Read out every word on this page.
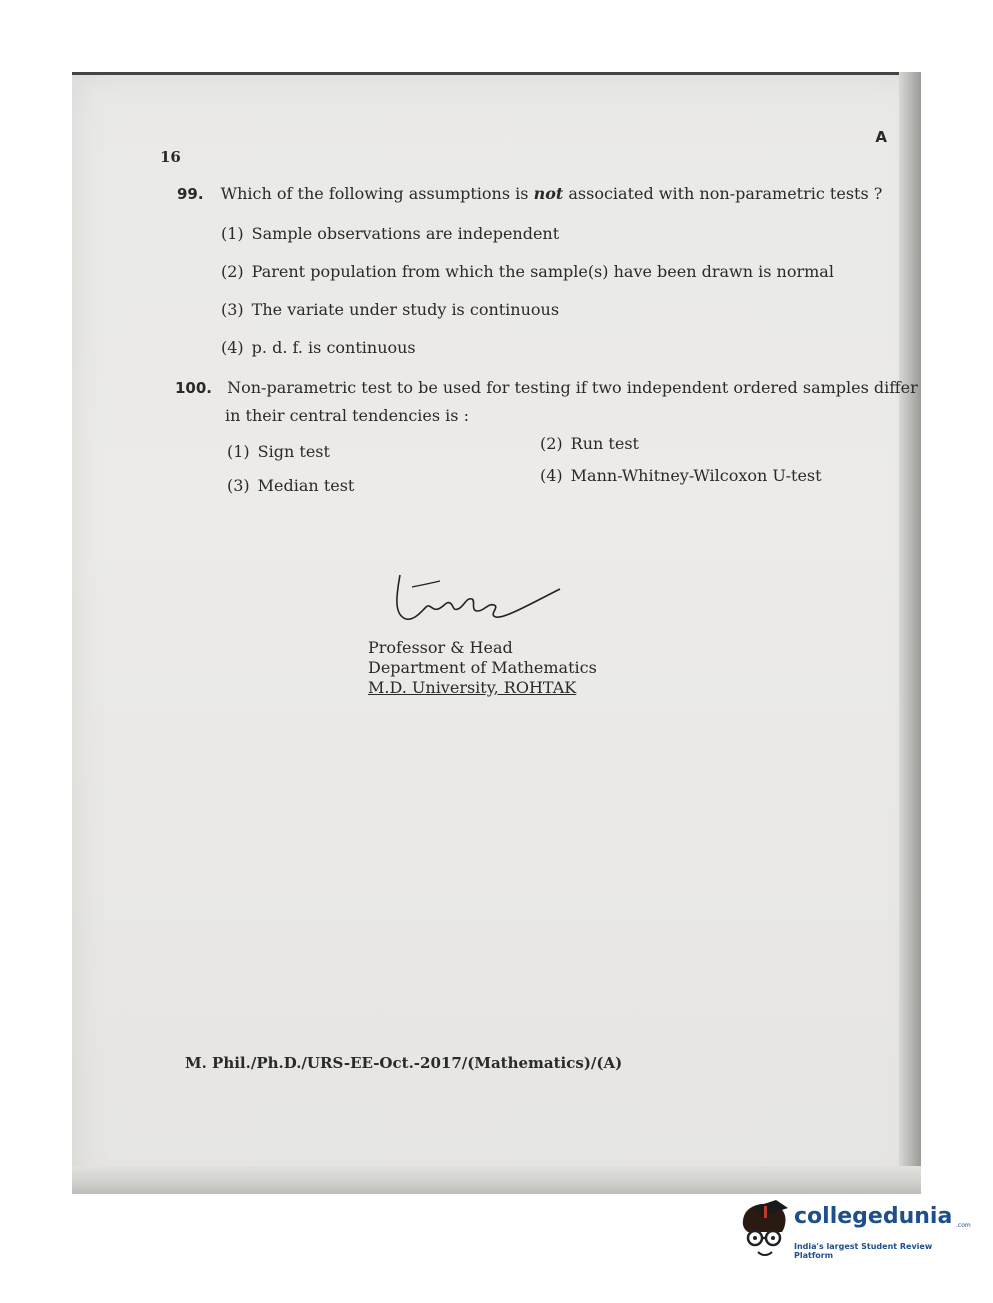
16
A
99. Which of the following assumptions is not associated with non-parametric tests ?
(1) Sample observations are independent
(2) Parent population from which the sample(s) have been drawn is normal
(3) The variate under study is continuous
(4) p. d. f. is continuous
100. Non-parametric test to be used for testing if two independent ordered samples differ
in their central tendencies is :
(1) Sign test	(2) Run test
(3) Median test
(4) Mann-Whitney-Wilcoxon U-test
Professor & Head
Department of Mathematics
M.D. University, ROHTAK
M. Phil./Ph.D./URS-EE-Oct.-2017/(Mathematics)/(A)
collegedunia .com
India's largest Student Review Platform
